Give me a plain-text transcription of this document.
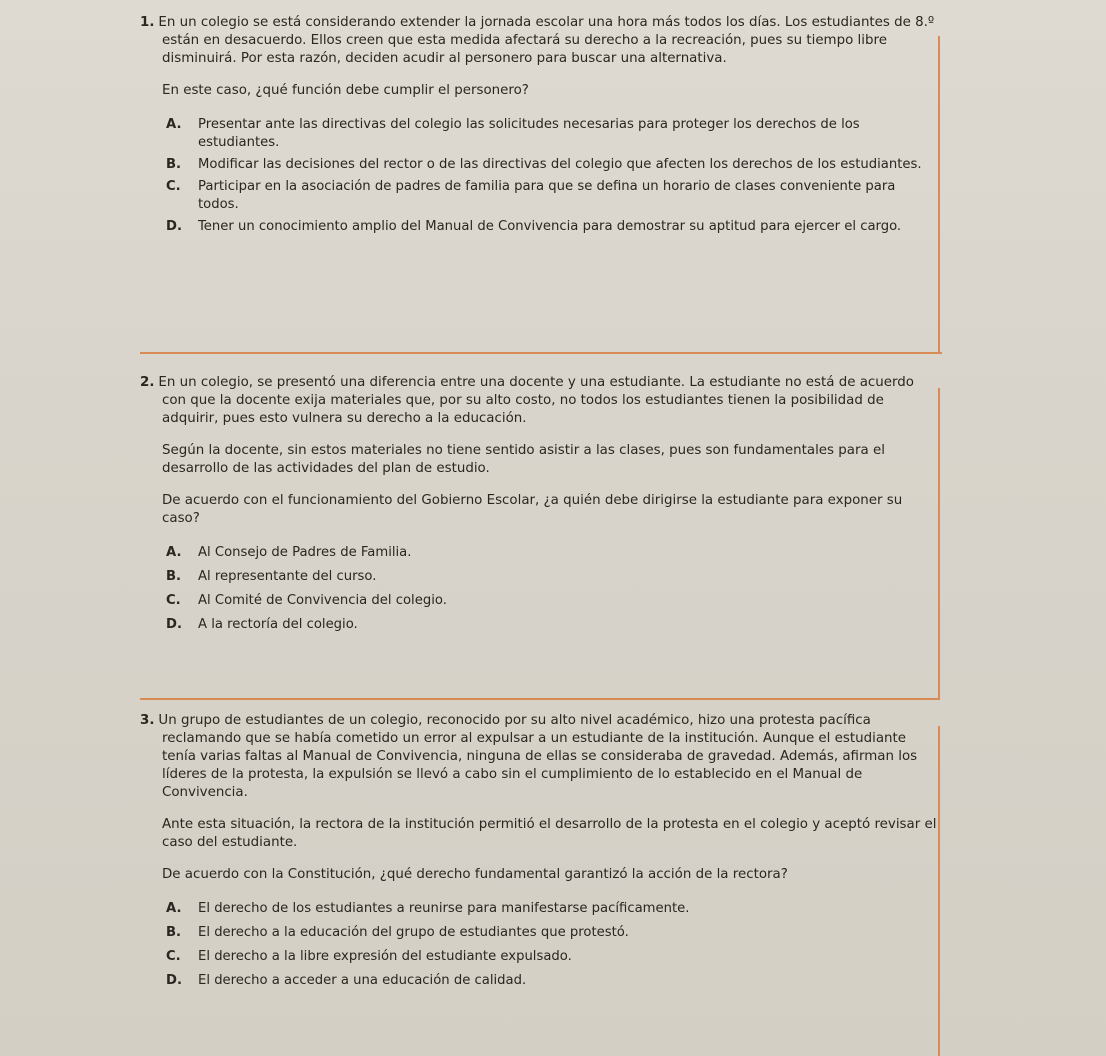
1. En un colegio se está considerando extender la jornada escolar una hora más todos los días. Los estudiantes de 8.º están en desacuerdo. Ellos creen que esta medida afectará su derecho a la recreación, pues su tiempo libre disminuirá. Por esta razón, deciden acudir al personero para buscar una alternativa.

En este caso, ¿qué función debe cumplir el personero?

A.	Presentar ante las directivas del colegio las solicitudes necesarias para proteger los derechos de los estudiantes.
B.	Modificar las decisiones del rector o de las directivas del colegio que afecten los derechos de los estudiantes.
C.	Participar en la asociación de padres de familia para que se defina un horario de clases conveniente para todos.
D.	Tener un conocimiento amplio del Manual de Convivencia para demostrar su aptitud para ejercer el cargo.

2. En un colegio, se presentó una diferencia entre una docente y una estudiante. La estudiante no está de acuerdo con que la docente exija materiales que, por su alto costo, no todos los estudiantes tienen la posibilidad de adquirir, pues esto vulnera su derecho a la educación.

Según la docente, sin estos materiales no tiene sentido asistir a las clases, pues son fundamentales para el desarrollo de las actividades del plan de estudio.

De acuerdo con el funcionamiento del Gobierno Escolar, ¿a quién debe dirigirse la estudiante para exponer su caso?

A.	Al Consejo de Padres de Familia.
B.	Al representante del curso.
C.	Al Comité de Convivencia del colegio.
D.	A la rectoría del colegio.

3. Un grupo de estudiantes de un colegio, reconocido por su alto nivel académico, hizo una protesta pacífica reclamando que se había cometido un error al expulsar a un estudiante de la institución. Aunque el estudiante tenía varias faltas al Manual de Convivencia, ninguna de ellas se consideraba de gravedad. Además, afirman los líderes de la protesta, la expulsión se llevó a cabo sin el cumplimiento de lo establecido en el Manual de Convivencia.

Ante esta situación, la rectora de la institución permitió el desarrollo de la protesta en el colegio y aceptó revisar el caso del estudiante.

De acuerdo con la Constitución, ¿qué derecho fundamental garantizó la acción de la rectora?

A.	El derecho de los estudiantes a reunirse para manifestarse pacíficamente.
B.	El derecho a la educación del grupo de estudiantes que protestó.
C.	El derecho a la libre expresión del estudiante expulsado.
D.	El derecho a acceder a una educación de calidad.
